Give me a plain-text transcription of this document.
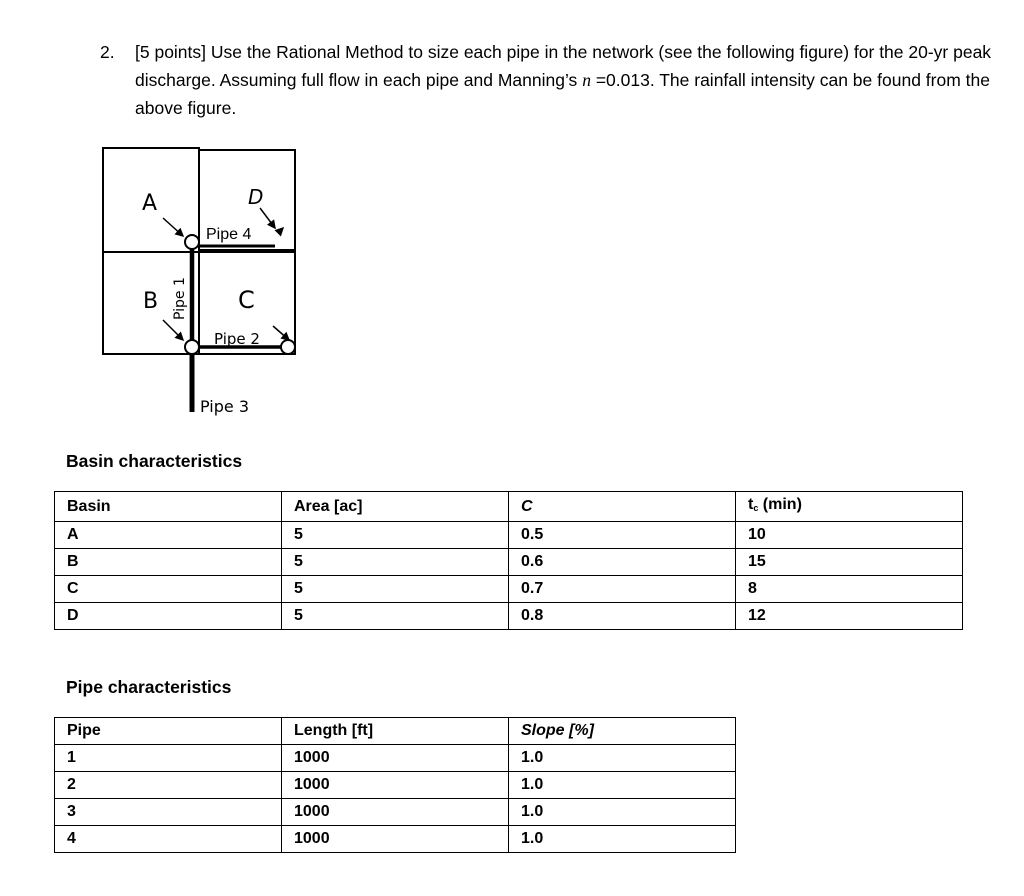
2. [5 points] Use the Rational Method to size each pipe in the network (see the following figure) for the 20-yr peak discharge. Assuming full flow in each pipe and Manning’s n =0.013. The rainfall intensity can be found from the above figure.
A	D
B	C
Pipe 1
Pipe 2
Pipe 3
Pipe 4
Basin characteristics
Basin	Area [ac]	C	$t_c$ (min)
A	5	0.5	10
B	5	0.6	15
C	5	0.7	8
D	5	0.8	12
Pipe characteristics
Pipe	Length [ft]	Slope [%]
1	1000	1.0
2	1000	1.0
3	1000	1.0
4	1000	1.0
